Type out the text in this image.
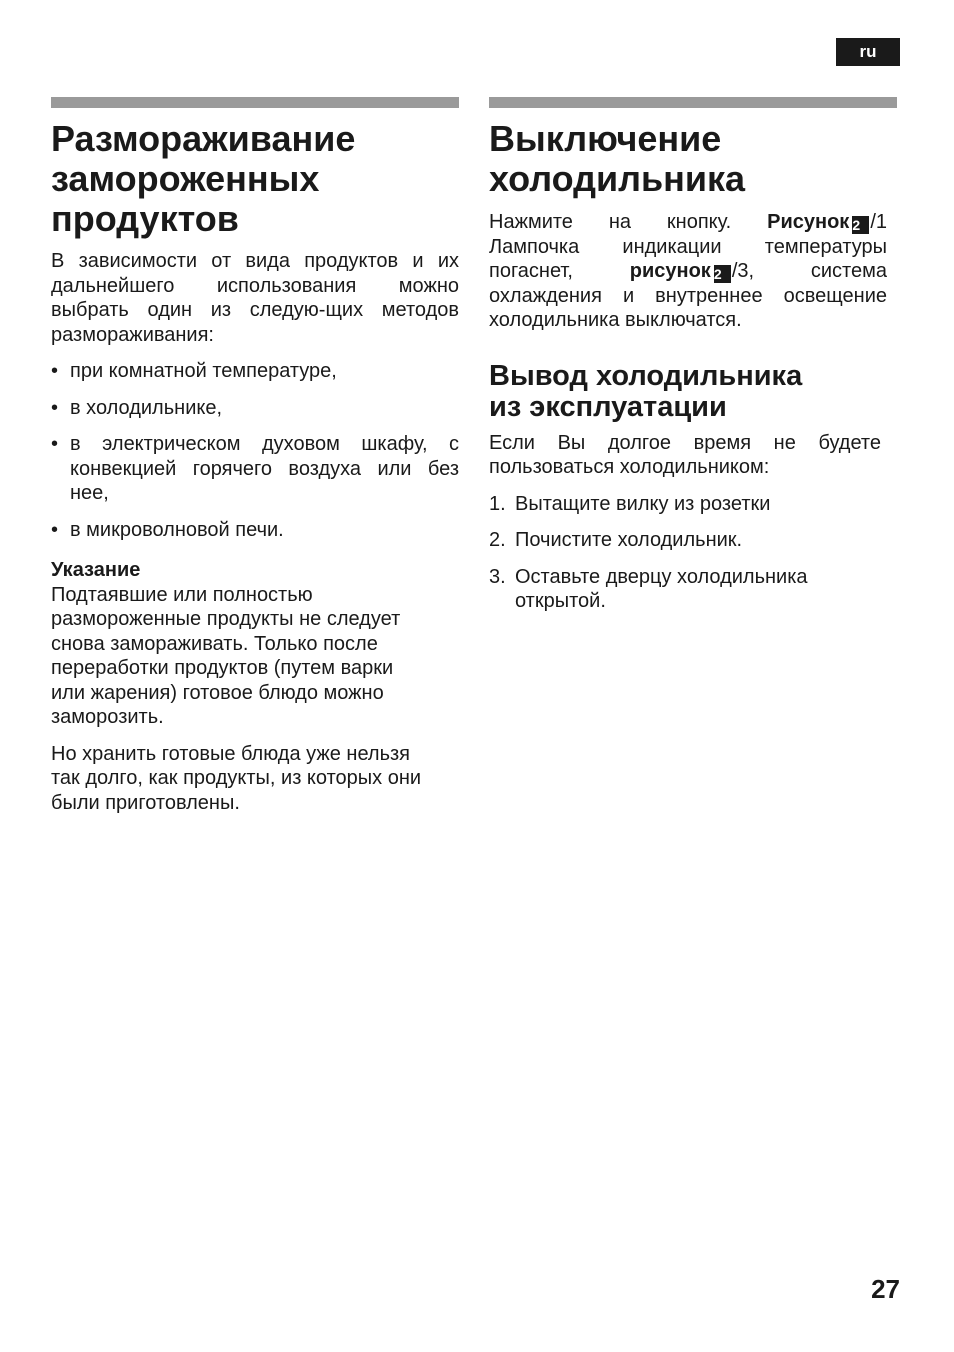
ru
Размораживание
замороженных
продуктов

В зависимости от вида продуктов и их дальнейшего использования можно выбрать один из следую-щих методов размораживания:

• при комнатной температуре,
• в холодильнике,
• в электрическом духовом шкафу, с конвекцией горячего воздуха или без нее,
• в микроволновой печи.
Указание

Подтаявшие или полностью размороженные продукты не следует снова замораживать. Только после переработки продуктов (путем варки или жарения) готовое блюдо можно заморозить.

Но хранить готовые блюда уже нельзя так долго, как продукты, из которых они были приготовлены.

Выключение
холодильника

Нажмите на кнопку. Рисунок 2 /1 Лампочка индикации температуры погаснет, рисунок 2 /3, система охлаждения и внутреннее освещение холодильника выключатся.

Вывод холодильника
из эксплуатации

Если Вы долгое время не будете пользоваться холодильником:

1. Вытащите вилку из розетки
2. Почистите холодильник.
3. Оставьте дверцу холодильника открытой.
27
